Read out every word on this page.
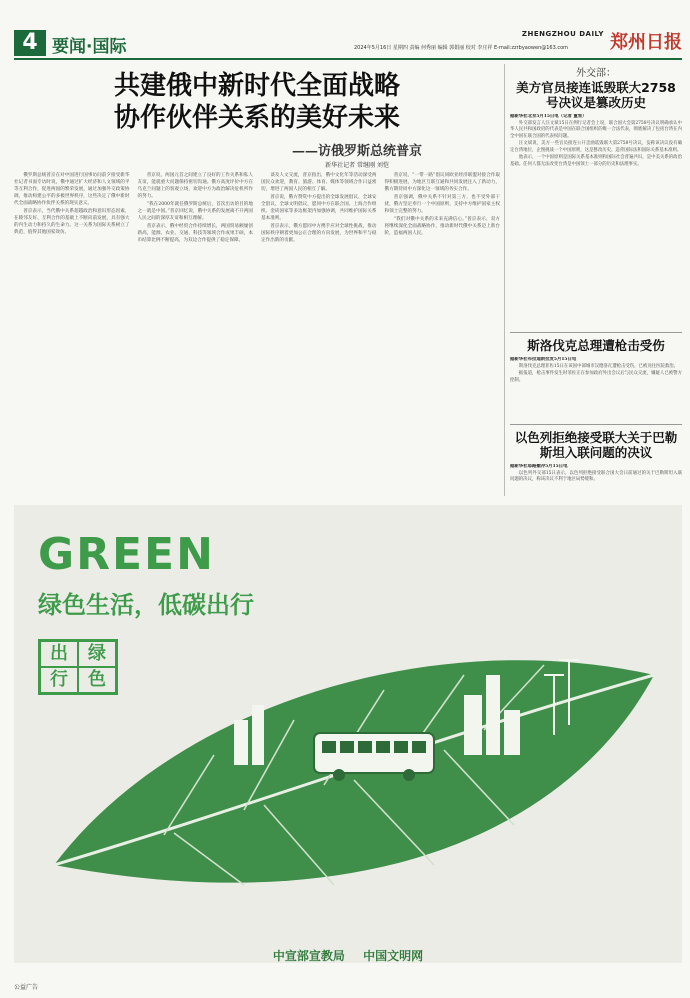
4 要闻·国际	2024年5月16日 星期四 责编 何秀丽 编辑 郭娟丽 校对 李庄祥 E-mail:zzrbyaowen@163.com
ZHENGZHOU DAILY 郑州日报
共建俄中新时代全面战略
协作伙伴关系的美好未来
——访俄罗斯总统普京
新华社记者 常继刚 刘恺

俄罗斯总统普京在对中国进行国事访问前夕接受新华社记者书面专访时说，俄中通过扩大经济和人文领域的平等互利合作，促进两国的繁荣发展，通过加强外交政策协调，推动构建公平的多极世界秩序，这些决定了俄中新时代全面战略协作伙伴关系的现实意义。

普京表示，当代俄中关系超越政治和意识形态因素，在睦邻友好、互利合作的基础上不断向前发展，具有强大的内生动力和持久的生命力。这一关系为国际关系树立了典范，值得其他国家效仿。

普京说，两国元首之间建立了良好的工作关系和私人友谊，能就重大问题保持密切沟通。俄方高度评价中方在乌克兰问题上的客观立场，欢迎中方为政治解决危机所作的努力。

“我在2000年就任俄罗斯总统后，首次出访的目的地之一就是中国。”普京回忆说，俄中关系的发展离不开两国人民之间的深厚友谊和相互理解。

普京表示，俄中经贸合作持续增长，两国贸易额屡创新高，能源、农业、交通、科技等领域合作成果丰硕，本币结算比例不断提高，为双边合作提供了稳定保障。

谈及人文交流，普京指出，俄中文化年等活动深受两国民众欢迎，教育、旅游、体育、媒体等领域合作日益密切，增进了两国人民的相互了解。

普京说，俄方赞赏中方提出的全球发展倡议、全球安全倡议、全球文明倡议，愿同中方在联合国、上海合作组织、金砖国家等多边框架内加强协调，共同维护国际关系基本准则。

普京表示，俄方愿同中方携手应对全球性挑战，推动国际秩序朝着更加公正合理的方向发展，为世界和平与稳定作出新的贡献。

普京说，“一带一路”倡议同欧亚经济联盟对接合作取得积极进展，为地区互联互通和共同发展注入了新动力，俄方期待同中方深化这一领域的务实合作。

普京强调，俄中关系不针对第三方，也不受外部干扰，俄方坚定奉行一个中国原则，支持中方维护国家主权和领土完整的努力。

“我们对俄中关系的未来充满信心。”普京表示，双方将继续深化全面战略协作，推动新时代俄中关系迈上新台阶，造福两国人民。

外交部：
美方官员接连诋毁联大2758号决议是篡改历史
据新华社北京5月15日电（记者 董雪）

外交部发言人汪文斌15日在例行记者会上说，联合国大会第2758号决议明确承认中华人民共和国政府的代表是中国在联合国组织的唯一合法代表，彻底解决了包括台湾在内全中国在联合国的代表权问题。

汪文斌说，美方一些官员接连公开歪曲诋毁联大第2758号决议，妄称该决议没有确定台湾地位，企图挑战一个中国原则，这是篡改历史、违背国际法和国际关系基本准则。

他表示，一个中国原则是国际关系基本准则和国际社会普遍共识，是中美关系的政治基础。任何人都无法改变台湾是中国领土一部分的历史和法理事实。

斯洛伐克总理遭枪击受伤
据新华社布拉迪斯拉发5月15日电

斯洛伐克总理菲佐15日在该国中部城市汉德洛瓦遭枪击受伤，已被送往医院救治。

据报道，枪击事件发生时菲佐正在参加政府外出会议后与民众交流，嫌疑人已被警方控制。

以色列拒绝接受联大关于巴勒斯坦入联问题的决议
据新华社耶路撒冷5月15日电

以色列外交部15日表示，以色列拒绝接受联合国大会日前通过的关于巴勒斯坦入联问题的决议，称该决议不利于地区局势缓和。

GREEN
绿色生活，低碳出行
出	绿
行	色
中宣部宣教局 中国文明网
公益广告
